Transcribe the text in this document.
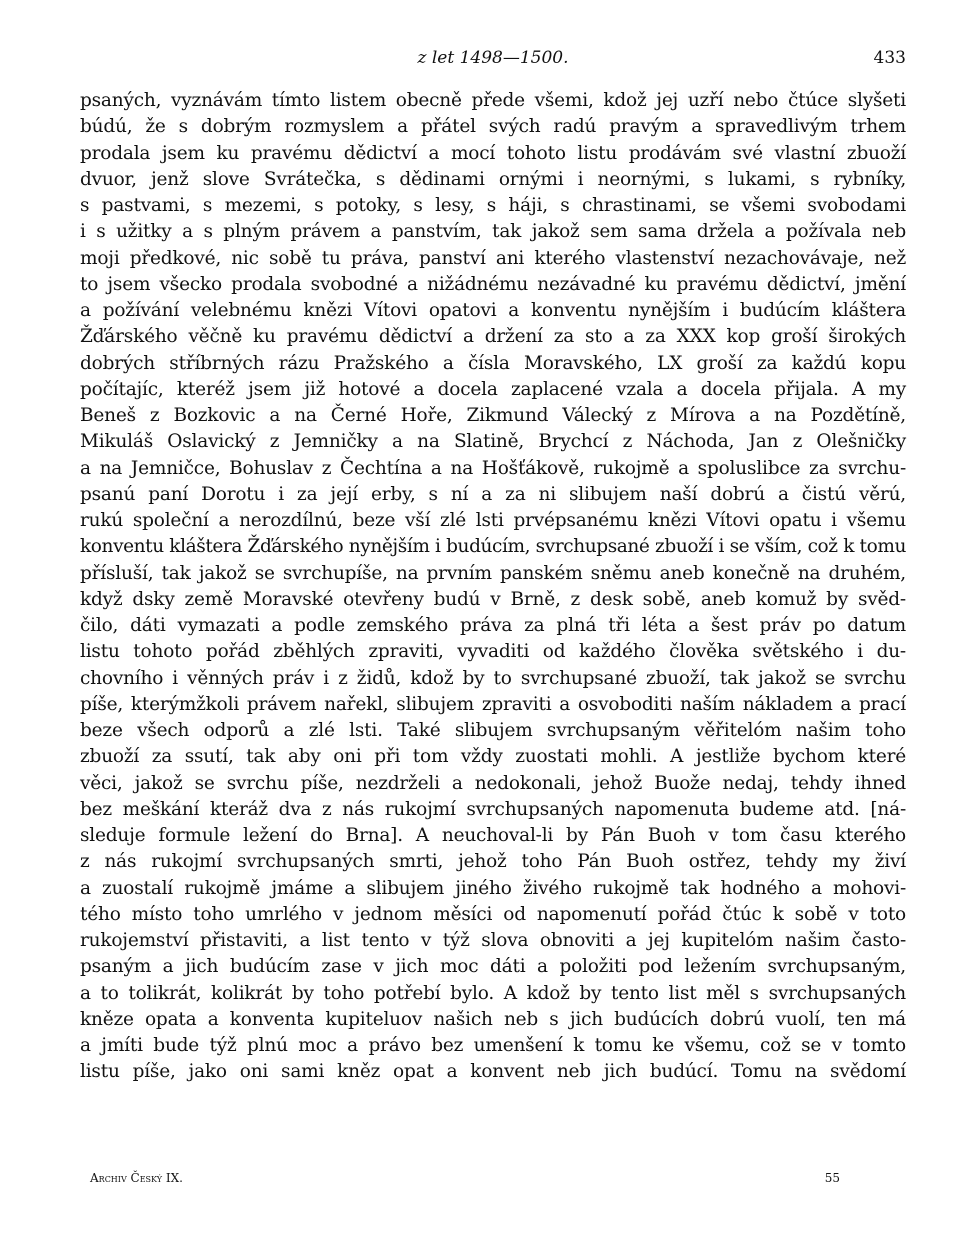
z let 1498—1500.	433
psaných, vyznávám tímto listem obecně přede všemi, kdož jej uzří nebo čtúce slyšeti
búdú, že s dobrým rozmyslem a přátel svých radú pravým a spravedlivým trhem
prodala jsem ku pravému dědictví a mocí tohoto listu prodávám své vlastní zbuoží
dvuor, jenž slove Svrátečka, s dědinami ornými i neornými, s lukami, s rybníky,
s pastvami, s mezemi, s potoky, s lesy, s háji, s chrastinami, se všemi svobodami
i s užitky a s plným právem a panstvím, tak jakož sem sama držela a požívala neb
moji předkové, nic sobě tu práva, panství ani kterého vlastenství nezachovávaje, než
to jsem všecko prodala svobodné a nižádnému nezávadné ku pravému dědictví, jmění
a požívání velebnému knězi Vítovi opatovi a konventu nynějším i budúcím kláštera
Žďárského věčně ku pravému dědictví a držení za sto a za XXX kop groší širokých
dobrých stříbrných rázu Pražského a čísla Moravského, LX groší za každú kopu
počítajíc, kteréž jsem již hotové a docela zaplacené vzala a docela přijala. A my
Beneš z Bozkovic a na Černé Hoře, Zikmund Válecký z Mírova a na Pozdětíně,
Mikuláš Oslavický z Jemničky a na Slatině, Brychcí z Náchoda, Jan z Olešničky
a na Jemničce, Bohuslav z Čechtína a na Hošťákově, rukojmě a spoluslibce za svrchu-
psanú paní Dorotu i za její erby, s ní a za ni slibujem naší dobrú a čistú věrú,
rukú společní a nerozdílnú, beze vší zlé lsti prvépsanému knězi Vítovi opatu i všemu
konventu kláštera Žďárského nynějším i budúcím, svrchupsané zbuoží i se vším, což k tomu
přísluší, tak jakož se svrchupíše, na prvním panském sněmu aneb konečně na druhém,
když dsky země Moravské otevřeny budú v Brně, z desk sobě, aneb komuž by svěd-
čilo, dáti vymazati a podle zemského práva za plná tři léta a šest práv po datum
listu tohoto pořád zběhlých zpraviti, vyvaditi od každého člověka světského i du-
chovního i věnných práv i z židů, kdož by to svrchupsané zbuoží, tak jakož se svrchu
píše, kterýmžkoli právem nařekl, slibujem zpraviti a osvoboditi naším nákladem a prací
beze všech odporů a zlé lsti. Také slibujem svrchupsaným věřitelóm našim toho
zbuoží za ssutí, tak aby oni při tom vždy zuostati mohli. A jestliže bychom které
věci, jakož se svrchu píše, nezdrželi a nedokonali, jehož Buože nedaj, tehdy ihned
bez meškání kteráž dva z nás rukojmí svrchupsaných napomenuta budeme atd. [ná-
sleduje formule ležení do Brna]. A neuchoval-li by Pán Buoh v tom času kterého
z nás rukojmí svrchupsaných smrti, jehož toho Pán Buoh ostřez, tehdy my živí
a zuostalí rukojmě jmáme a slibujem jiného živého rukojmě tak hodného a mohovi-
tého místo toho umrlého v jednom měsíci od napomenutí pořád čtúc k sobě v toto
rukojemství přistaviti, a list tento v týž slova obnoviti a jej kupitelóm našim často-
psaným a jich budúcím zase v jich moc dáti a položiti pod ležením svrchupsaným,
a to tolikrát, kolikrát by toho potřebí bylo. A kdož by tento list měl s svrchupsaných
kněze opata a konventa kupiteluov našich neb s jich budúcích dobrú vuolí, ten má
a jmíti bude týž plnú moc a právo bez umenšení k tomu ke všemu, což se v tomto
listu píše, jako oni sami kněz opat a konvent neb jich budúcí. Tomu na svědomí
Archiv Český IX.	55
